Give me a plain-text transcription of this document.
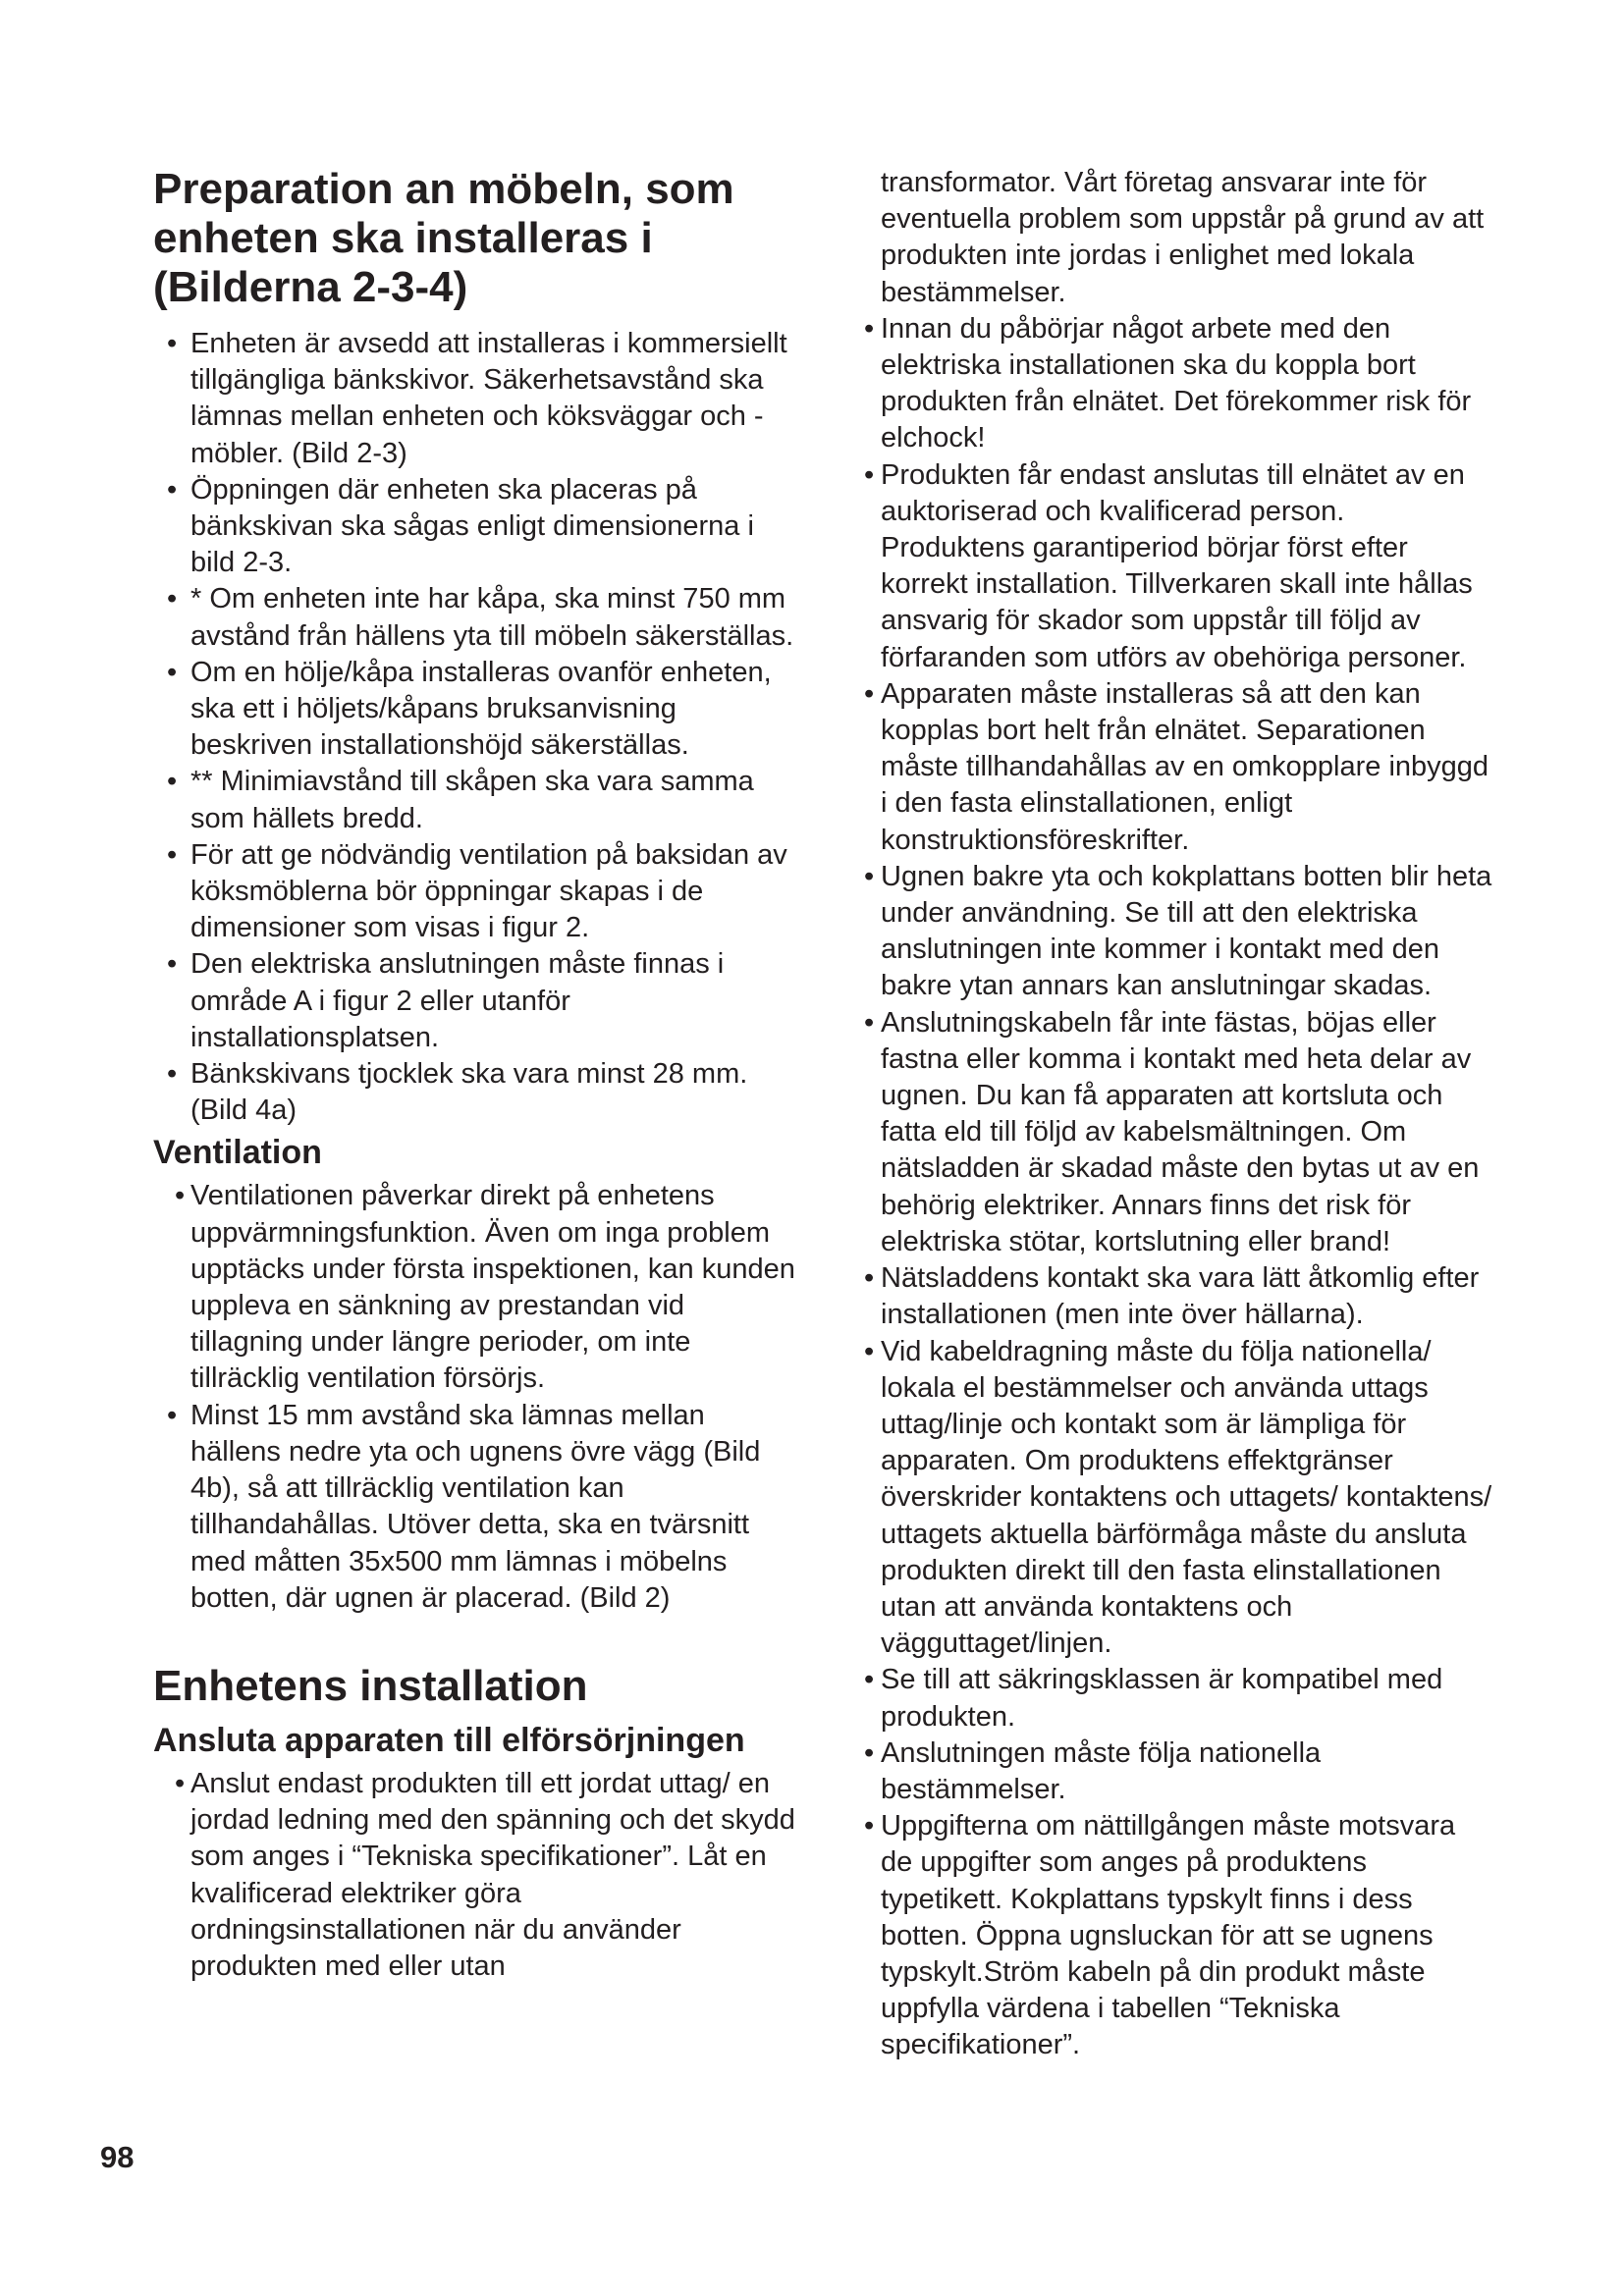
Preparation an möbeln, som enheten ska installeras i (Bilderna 2-3-4)

• Enheten är avsedd att installeras i kommersiellt tillgängliga bänkskivor. Säkerhetsavstånd ska lämnas mellan enheten och köksväggar och -möbler. (Bild 2-3)

• Öppningen där enheten ska placeras på bänkskivan ska sågas enligt dimensionerna i bild 2-3.

• * Om enheten inte har kåpa, ska minst 750 mm avstånd från hällens yta till möbeln säkerställas.

• Om en hölje/kåpa installeras ovanför enheten, ska ett i höljets/kåpans bruksanvisning beskriven installationshöjd säkerställas.

• ** Minimiavstånd till skåpen ska vara samma som hällets bredd.

• För att ge nödvändig ventilation på baksidan av köksmöblerna bör öppningar skapas i de dimensioner som visas i figur 2.

• Den elektriska anslutningen måste finnas i område A i figur 2 eller utanför installationsplatsen.

• Bänkskivans tjocklek ska vara minst 28 mm. (Bild 4a)

Ventilation

• Ventilationen påverkar direkt på enhetens uppvärmningsfunktion. Även om inga problem upptäcks under första inspektionen, kan kunden uppleva en sänkning av prestandan vid tillagning under längre perioder, om inte tillräcklig ventilation försörjs.

• Minst 15 mm avstånd ska lämnas mellan hällens nedre yta och ugnens övre vägg (Bild 4b), så att tillräcklig ventilation kan tillhandahållas. Utöver detta, ska en tvärsnitt med måtten 35x500 mm lämnas i möbelns botten, där ugnen är placerad. (Bild 2)

Enhetens installation
Ansluta apparaten till elförsörjningen

• Anslut endast produkten till ett jordat uttag/ en jordad ledning med den spänning och det skydd som anges i “Tekniska specifikationer”. Låt en kvalificerad elektriker göra ordningsinstallationen när du använder produkten med eller utan

transformator. Vårt företag ansvarar inte för eventuella problem som uppstår på grund av att produkten inte jordas i enlighet med lokala bestämmelser.

• Innan du påbörjar något arbete med den elektriska installationen ska du koppla bort produkten från elnätet. Det förekommer risk för elchock!

• Produkten får endast anslutas till elnätet av en auktoriserad och kvalificerad person. Produktens garantiperiod börjar först efter korrekt installation. Tillverkaren skall inte hållas ansvarig för skador som uppstår till följd av förfaranden som utförs av obehöriga personer.

• Apparaten måste installeras så att den kan kopplas bort helt från elnätet. Separationen måste tillhandahållas av en omkopplare inbyggd i den fasta elinstallationen, enligt konstruktionsföreskrifter.

• Ugnen bakre yta och kokplattans botten blir heta under användning. Se till att den elektriska anslutningen inte kommer i kontakt med den bakre ytan annars kan anslutningar skadas.

• Anslutningskabeln får inte fästas, böjas eller fastna eller komma i kontakt med heta delar av ugnen. Du kan få apparaten att kortsluta och fatta eld till följd av kabelsmältningen. Om nätsladden är skadad måste den bytas ut av en behörig elektriker. Annars finns det risk för elektriska stötar, kortslutning eller brand!

• Nätsladdens kontakt ska vara lätt åtkomlig efter installationen (men inte över hällarna).

• Vid kabeldragning måste du följa nationella/ lokala el bestämmelser och använda uttags uttag/linje och kontakt som är lämpliga för apparaten. Om produktens effektgränser överskrider kontaktens och uttagets/ kontaktens/ uttagets aktuella bärförmåga måste du ansluta produkten direkt till den fasta elinstallationen utan att använda kontaktens och vägguttaget/linjen.

• Se till att säkringsklassen är kompatibel med produkten.

• Anslutningen måste följa nationella bestämmelser.

• Uppgifterna om nättillgången måste motsvara de uppgifter som anges på produktens typetikett. Kokplattans typskylt finns i dess botten. Öppna ugnsluckan för att se ugnens typskylt.Ström kabeln på din produkt måste uppfylla värdena i tabellen “Tekniska specifikationer”.

98
